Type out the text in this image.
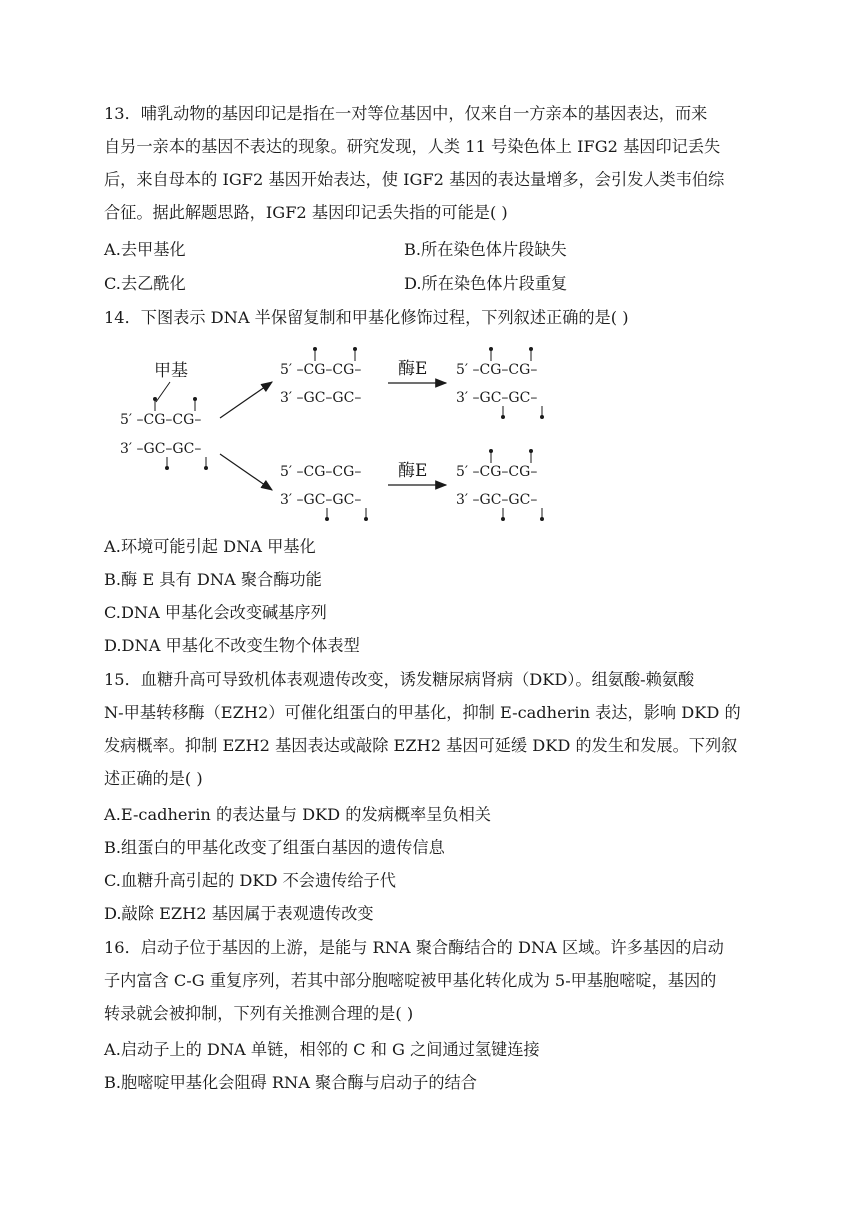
13．哺乳动物的基因印记是指在一对等位基因中，仅来自一方亲本的基因表达，而来
自另一亲本的基因不表达的现象。研究发现，人类 11 号染色体上 IFG2 基因印记丢失
后，来自母本的 IGF2 基因开始表达，使 IGF2 基因的表达量增多，会引发人类韦伯综
合征。据此解题思路，IGF2 基因印记丢失指的可能是( )
A.去甲基化	B.所在染色体片段缺失
C.去乙酰化	D.所在染色体片段重复
14．下图表示 DNA 半保留复制和甲基化修饰过程，下列叙述正确的是( )
甲基
5′ –CG–CG–
3′ –GC–GC–
5′ –CG–CG–
3′ –GC–GC–
酶E 5′ –CG–CG–
3′ –GC–GC–
5′ –CG–CG–
3′ –GC–GC–
酶E 5′ –CG–CG–
3′ –GC–GC–
A.环境可能引起 DNA 甲基化
B.酶 E 具有 DNA 聚合酶功能
C.DNA 甲基化会改变碱基序列
D.DNA 甲基化不改变生物个体表型
15．血糖升高可导致机体表观遗传改变，诱发糖尿病肾病（DKD）。组氨酸-赖氨酸
N-甲基转移酶（EZH2）可催化组蛋白的甲基化，抑制 E-cadherin 表达，影响 DKD 的
发病概率。抑制 EZH2 基因表达或敲除 EZH2 基因可延缓 DKD 的发生和发展。下列叙
述正确的是( )
A.E-cadherin 的表达量与 DKD 的发病概率呈负相关
B.组蛋白的甲基化改变了组蛋白基因的遗传信息
C.血糖升高引起的 DKD 不会遗传给子代
D.敲除 EZH2 基因属于表观遗传改变
16．启动子位于基因的上游，是能与 RNA 聚合酶结合的 DNA 区域。许多基因的启动
子内富含 C-G 重复序列，若其中部分胞嘧啶被甲基化转化成为 5-甲基胞嘧啶，基因的
转录就会被抑制，下列有关推测合理的是( )
A.启动子上的 DNA 单链，相邻的 C 和 G 之间通过氢键连接
B.胞嘧啶甲基化会阻碍 RNA 聚合酶与启动子的结合
